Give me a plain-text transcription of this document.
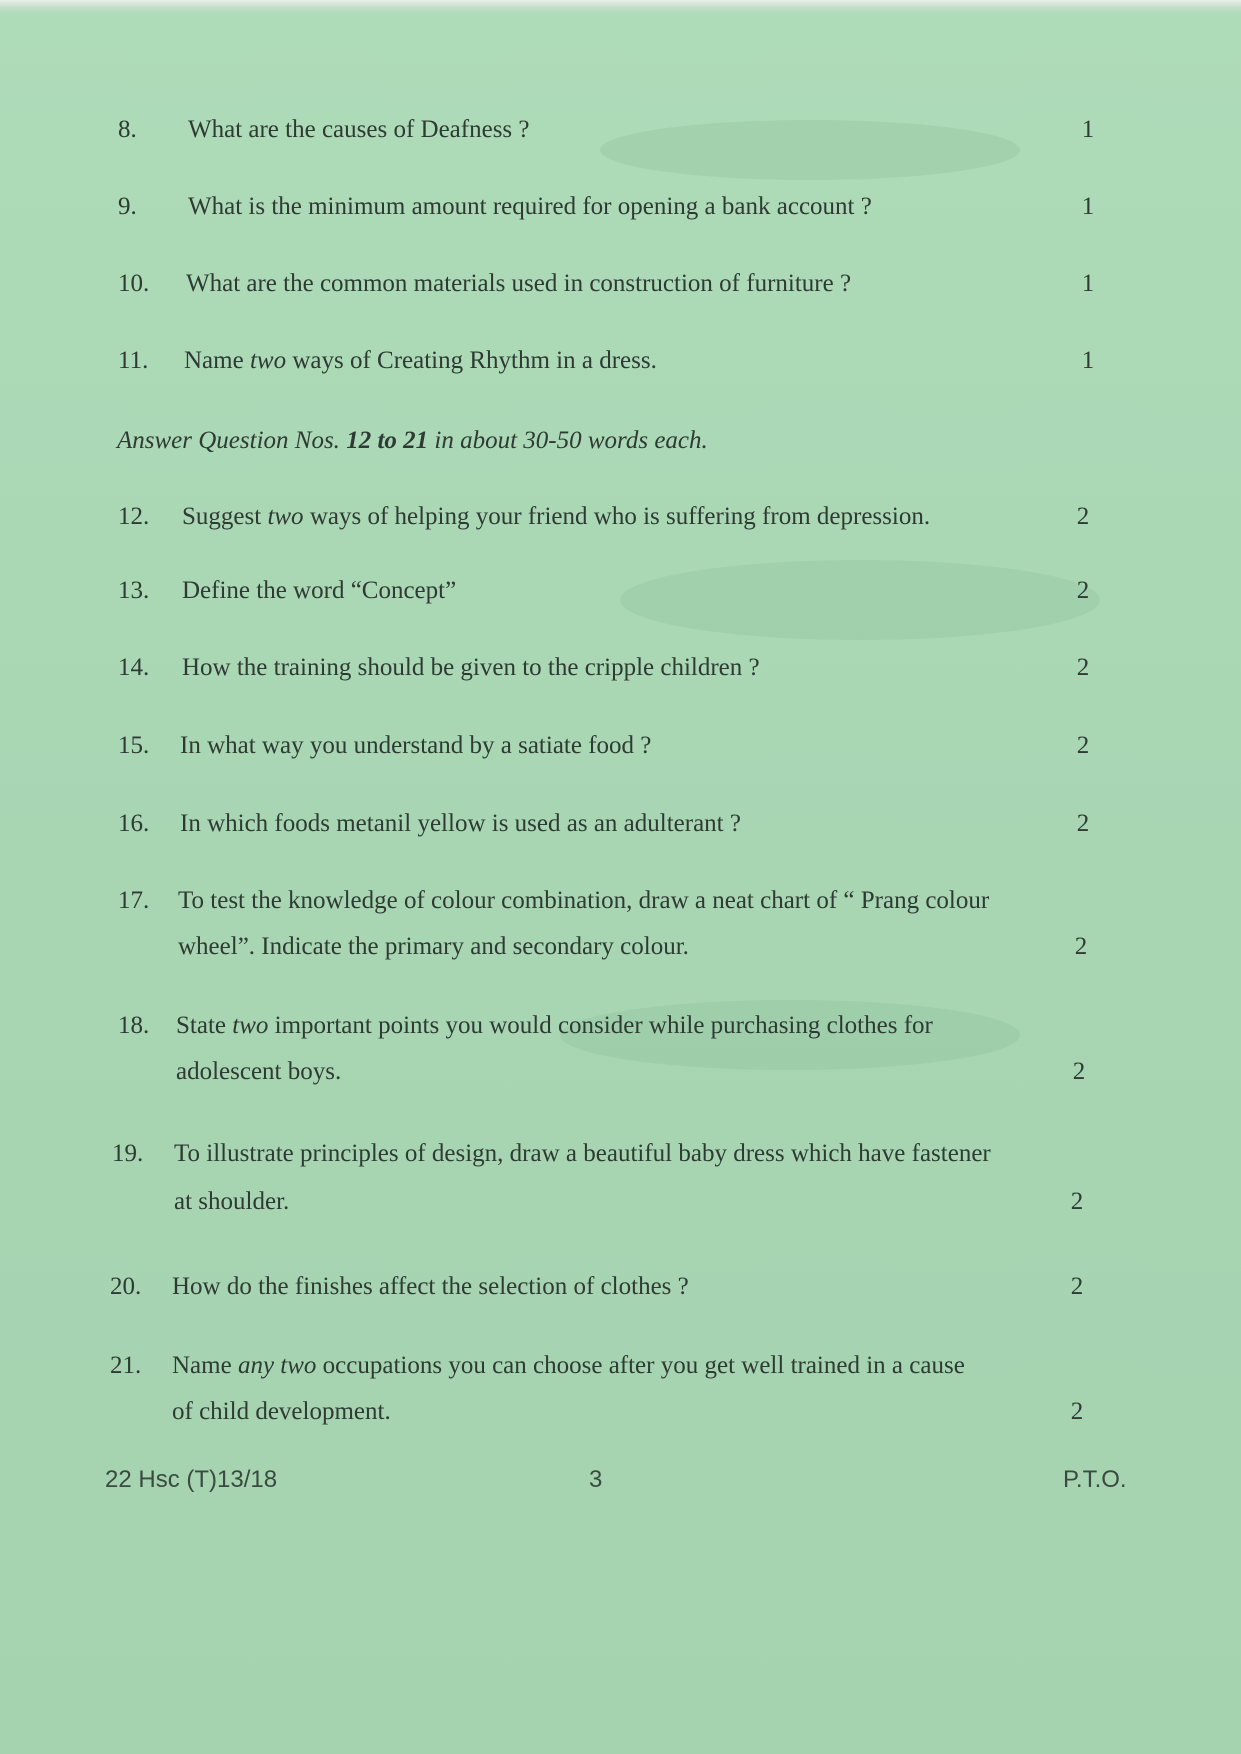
8. What are the causes of Deafness ?	1
9. What is the minimum amount required for opening a bank account ?	1
10. What are the common materials used in construction of furniture ?	1
11. Name two ways of Creating Rhythm in a dress.	1
Answer Question Nos. 12 to 21 in about 30-50 words each.
12. Suggest two ways of helping your friend who is suffering from depression.	2
13. Define the word “Concept”	2
14. How the training should be given to the cripple children ?	2
15. In what way you understand by a satiate food ?	2
16. In which foods metanil yellow is used as an adulterant ?	2
17. To test the knowledge of colour combination, draw a neat chart of “ Prang colour
wheel”. Indicate the primary and secondary colour.	2
18. State two important points you would consider while purchasing clothes for
adolescent boys.	2
19. To illustrate principles of design, draw a beautiful baby dress which have fastener
at shoulder.	2
20. How do the finishes affect the selection of clothes ?	2
21. Name any two occupations you can choose after you get well trained in a cause
of child development.	2
22 Hsc (T)13/18	3	P.T.O.
